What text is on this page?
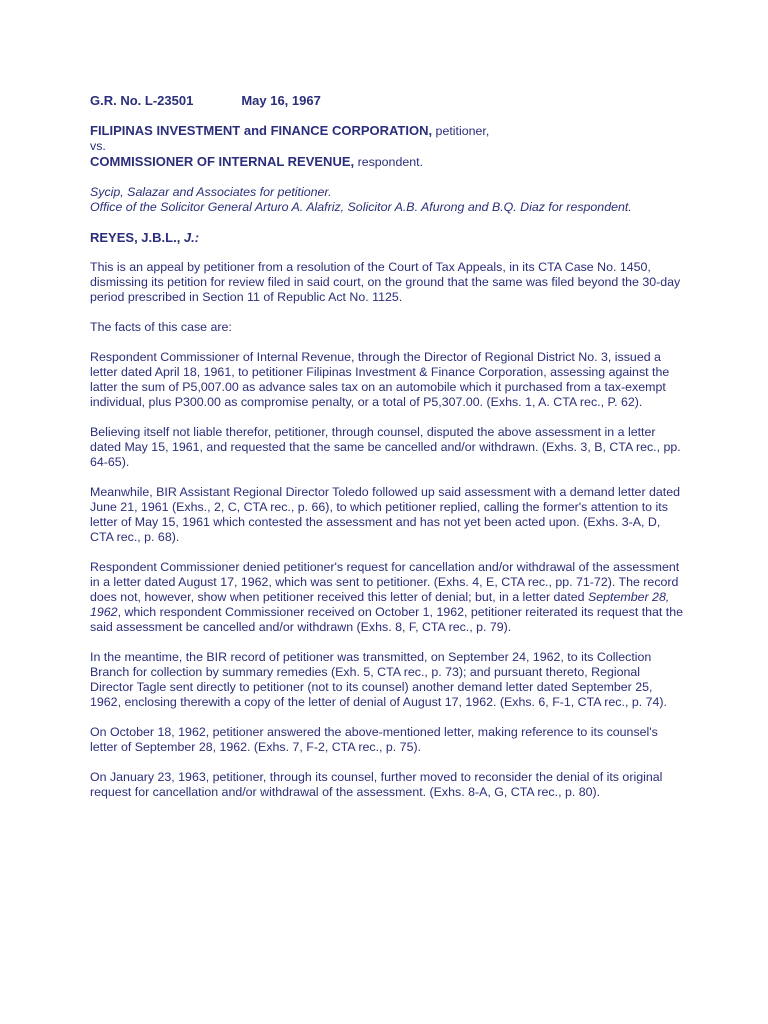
G.R. No. L-23501	May 16, 1967
FILIPINAS INVESTMENT and FINANCE CORPORATION, petitioner,
vs.
COMMISSIONER OF INTERNAL REVENUE, respondent.
Sycip, Salazar and Associates for petitioner.
Office of the Solicitor General Arturo A. Alafriz, Solicitor A.B. Afurong and B.Q. Diaz for respondent.
REYES, J.B.L., J.:

This is an appeal by petitioner from a resolution of the Court of Tax Appeals, in its CTA Case No. 1450, dismissing its petition for review filed in said court, on the ground that the same was filed beyond the 30-day period prescribed in Section 11 of Republic Act No. 1125.

The facts of this case are:

Respondent Commissioner of Internal Revenue, through the Director of Regional District No. 3, issued a letter dated April 18, 1961, to petitioner Filipinas Investment & Finance Corporation, assessing against the latter the sum of P5,007.00 as advance sales tax on an automobile which it purchased from a tax-exempt individual, plus P300.00 as compromise penalty, or a total of P5,307.00. (Exhs. 1, A. CTA rec., P. 62).

Believing itself not liable therefor, petitioner, through counsel, disputed the above assessment in a letter dated May 15, 1961, and requested that the same be cancelled and/or withdrawn. (Exhs. 3, B, CTA rec., pp. 64-65).

Meanwhile, BIR Assistant Regional Director Toledo followed up said assessment with a demand letter dated June 21, 1961 (Exhs., 2, C, CTA rec., p. 66), to which petitioner replied, calling the former's attention to its letter of May 15, 1961 which contested the assessment and has not yet been acted upon. (Exhs. 3-A, D, CTA rec., p. 68).

Respondent Commissioner denied petitioner's request for cancellation and/or withdrawal of the assessment in a letter dated August 17, 1962, which was sent to petitioner. (Exhs. 4, E, CTA rec., pp. 71-72). The record does not, however, show when petitioner received this letter of denial; but, in a letter dated September 28, 1962, which respondent Commissioner received on October 1, 1962, petitioner reiterated its request that the said assessment be cancelled and/or withdrawn (Exhs. 8, F, CTA rec., p. 79).

In the meantime, the BIR record of petitioner was transmitted, on September 24, 1962, to its Collection Branch for collection by summary remedies (Exh. 5, CTA rec., p. 73); and pursuant thereto, Regional Director Tagle sent directly to petitioner (not to its counsel) another demand letter dated September 25, 1962, enclosing therewith a copy of the letter of denial of August 17, 1962. (Exhs. 6, F-1, CTA rec., p. 74).

On October 18, 1962, petitioner answered the above-mentioned letter, making reference to its counsel's letter of September 28, 1962. (Exhs. 7, F-2, CTA rec., p. 75).

On January 23, 1963, petitioner, through its counsel, further moved to reconsider the denial of its original request for cancellation and/or withdrawal of the assessment. (Exhs. 8-A, G, CTA rec., p. 80).
